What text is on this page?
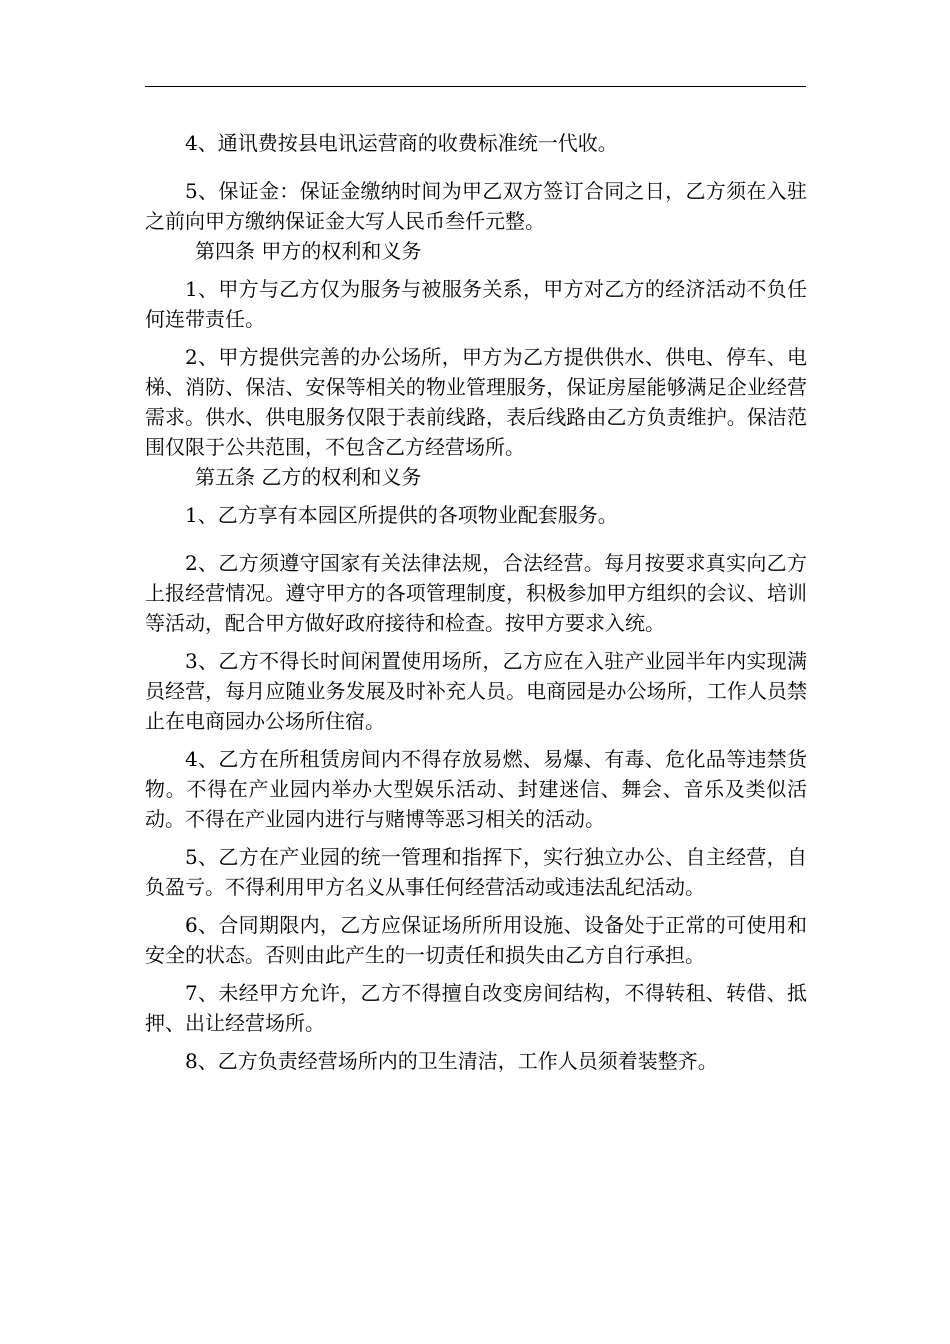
4、通讯费按县电讯运营商的收费标准统一代收。

5、保证金：保证金缴纳时间为甲乙双方签订合同之日，乙方须在入驻之前向甲方缴纳保证金大写人民币叁仟元整。

第四条 甲方的权利和义务

1、甲方与乙方仅为服务与被服务关系，甲方对乙方的经济活动不负任何连带责任。

2、甲方提供完善的办公场所，甲方为乙方提供供水、供电、停车、电梯、消防、保洁、安保等相关的物业管理服务，保证房屋能够满足企业经营需求。供水、供电服务仅限于表前线路，表后线路由乙方负责维护。保洁范围仅限于公共范围，不包含乙方经营场所。

第五条 乙方的权利和义务

1、乙方享有本园区所提供的各项物业配套服务。

2、乙方须遵守国家有关法律法规，合法经营。每月按要求真实向乙方上报经营情况。遵守甲方的各项管理制度，积极参加甲方组织的会议、培训等活动，配合甲方做好政府接待和检查。按甲方要求入统。

3、乙方不得长时间闲置使用场所，乙方应在入驻产业园半年内实现满员经营，每月应随业务发展及时补充人员。电商园是办公场所，工作人员禁止在电商园办公场所住宿。

4、乙方在所租赁房间内不得存放易燃、易爆、有毒、危化品等违禁货物。不得在产业园内举办大型娱乐活动、封建迷信、舞会、音乐及类似活动。不得在产业园内进行与赌博等恶习相关的活动。

5、乙方在产业园的统一管理和指挥下，实行独立办公、自主经营，自负盈亏。不得利用甲方名义从事任何经营活动或违法乱纪活动。

6、合同期限内，乙方应保证场所所用设施、设备处于正常的可使用和安全的状态。否则由此产生的一切责任和损失由乙方自行承担。

7、未经甲方允许，乙方不得擅自改变房间结构，不得转租、转借、抵押、出让经营场所。

8、乙方负责经营场所内的卫生清洁，工作人员须着装整齐。
